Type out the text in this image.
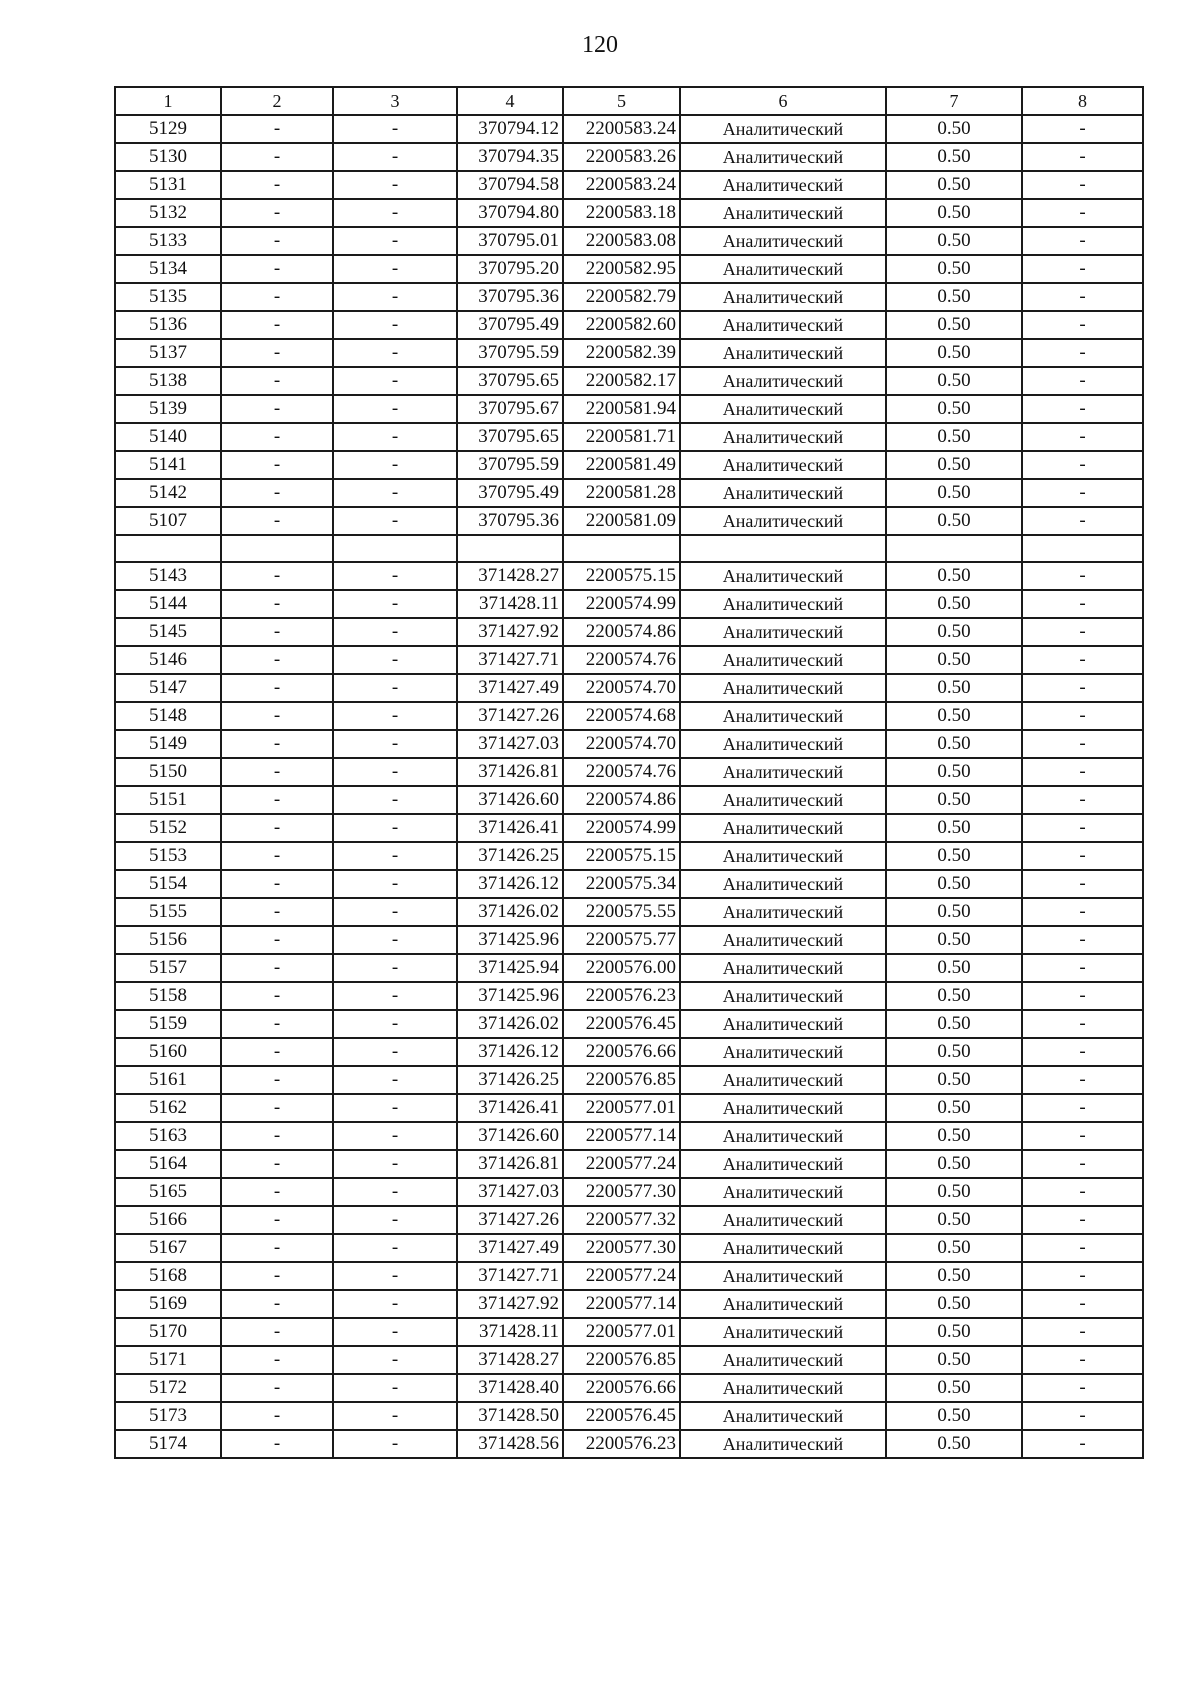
120
1	2	3	4	5	6	7	8
5129	-	-	370794.12	2200583.24	Аналитический	0.50	-
5130	-	-	370794.35	2200583.26	Аналитический	0.50	-
5131	-	-	370794.58	2200583.24	Аналитический	0.50	-
5132	-	-	370794.80	2200583.18	Аналитический	0.50	-
5133	-	-	370795.01	2200583.08	Аналитический	0.50	-
5134	-	-	370795.20	2200582.95	Аналитический	0.50	-
5135	-	-	370795.36	2200582.79	Аналитический	0.50	-
5136	-	-	370795.49	2200582.60	Аналитический	0.50	-
5137	-	-	370795.59	2200582.39	Аналитический	0.50	-
5138	-	-	370795.65	2200582.17	Аналитический	0.50	-
5139	-	-	370795.67	2200581.94	Аналитический	0.50	-
5140	-	-	370795.65	2200581.71	Аналитический	0.50	-
5141	-	-	370795.59	2200581.49	Аналитический	0.50	-
5142	-	-	370795.49	2200581.28	Аналитический	0.50	-
5107	-	-	370795.36	2200581.09	Аналитический	0.50	-

5143	-	-	371428.27	2200575.15	Аналитический	0.50	-
5144	-	-	371428.11	2200574.99	Аналитический	0.50	-
5145	-	-	371427.92	2200574.86	Аналитический	0.50	-
5146	-	-	371427.71	2200574.76	Аналитический	0.50	-
5147	-	-	371427.49	2200574.70	Аналитический	0.50	-
5148	-	-	371427.26	2200574.68	Аналитический	0.50	-
5149	-	-	371427.03	2200574.70	Аналитический	0.50	-
5150	-	-	371426.81	2200574.76	Аналитический	0.50	-
5151	-	-	371426.60	2200574.86	Аналитический	0.50	-
5152	-	-	371426.41	2200574.99	Аналитический	0.50	-
5153	-	-	371426.25	2200575.15	Аналитический	0.50	-
5154	-	-	371426.12	2200575.34	Аналитический	0.50	-
5155	-	-	371426.02	2200575.55	Аналитический	0.50	-
5156	-	-	371425.96	2200575.77	Аналитический	0.50	-
5157	-	-	371425.94	2200576.00	Аналитический	0.50	-
5158	-	-	371425.96	2200576.23	Аналитический	0.50	-
5159	-	-	371426.02	2200576.45	Аналитический	0.50	-
5160	-	-	371426.12	2200576.66	Аналитический	0.50	-
5161	-	-	371426.25	2200576.85	Аналитический	0.50	-
5162	-	-	371426.41	2200577.01	Аналитический	0.50	-
5163	-	-	371426.60	2200577.14	Аналитический	0.50	-
5164	-	-	371426.81	2200577.24	Аналитический	0.50	-
5165	-	-	371427.03	2200577.30	Аналитический	0.50	-
5166	-	-	371427.26	2200577.32	Аналитический	0.50	-
5167	-	-	371427.49	2200577.30	Аналитический	0.50	-
5168	-	-	371427.71	2200577.24	Аналитический	0.50	-
5169	-	-	371427.92	2200577.14	Аналитический	0.50	-
5170	-	-	371428.11	2200577.01	Аналитический	0.50	-
5171	-	-	371428.27	2200576.85	Аналитический	0.50	-
5172	-	-	371428.40	2200576.66	Аналитический	0.50	-
5173	-	-	371428.50	2200576.45	Аналитический	0.50	-
5174	-	-	371428.56	2200576.23	Аналитический	0.50	-
